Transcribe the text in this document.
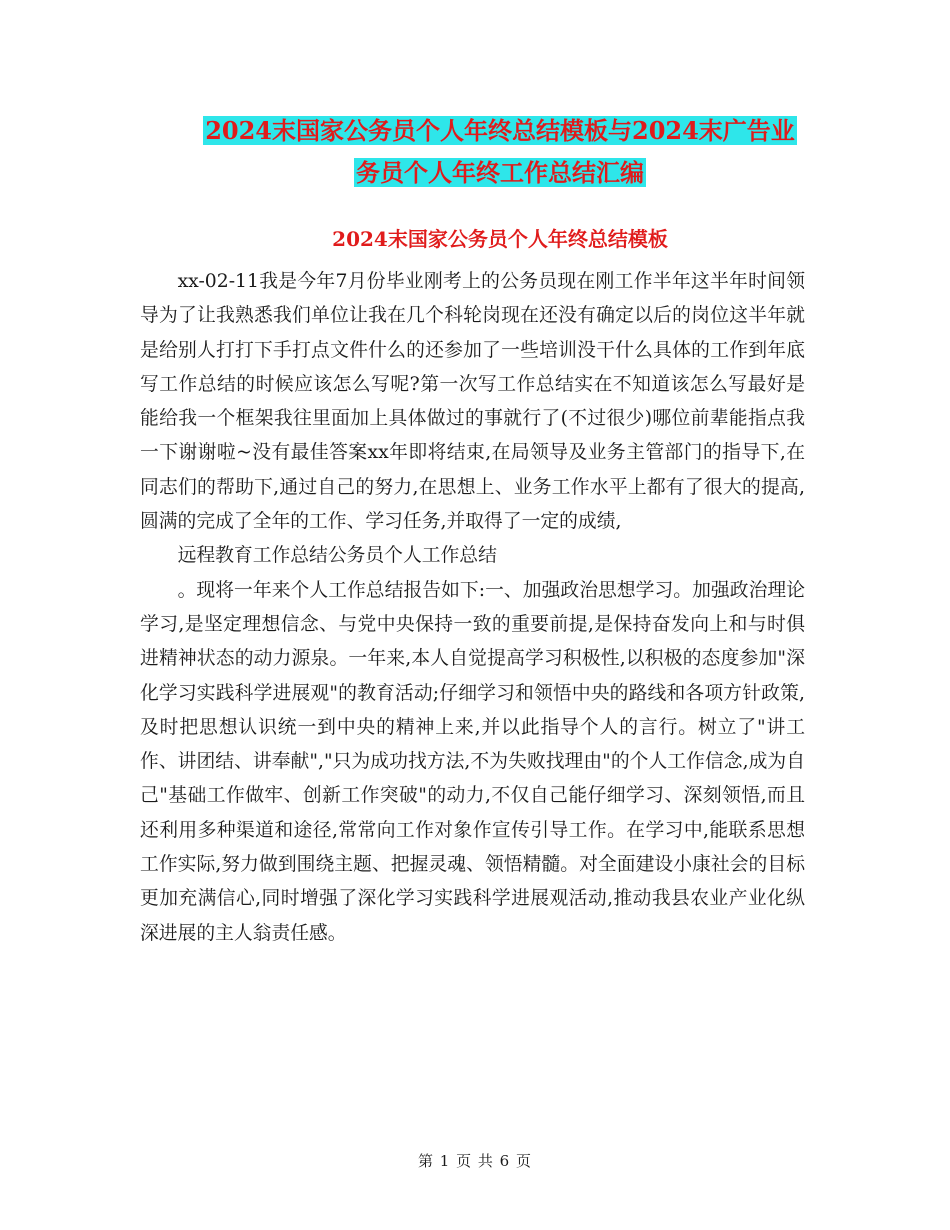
2024末国家公务员个人年终总结模板与2024末广告业
务员个人年终工作总结汇编
2024末国家公务员个人年终总结模板

xx-02-11我是今年7月份毕业刚考上的公务员现在刚工作半年这半年时间领导为了让我熟悉我们单位让我在几个科轮岗现在还没有确定以后的岗位这半年就是给别人打打下手打点文件什么的还参加了一些培训没干什么具体的工作到年底写工作总结的时候应该怎么写呢?第一次写工作总结实在不知道该怎么写最好是能给我一个框架我往里面加上具体做过的事就行了(不过很少)哪位前辈能指点我一下谢谢啦~没有最佳答案xx年即将结束,在局领导及业务主管部门的指导下,在同志们的帮助下,通过自己的努力,在思想上、业务工作水平上都有了很大的提高,圆满的完成了全年的工作、学习任务,并取得了一定的成绩,

远程教育工作总结公务员个人工作总结

。现将一年来个人工作总结报告如下:一、加强政治思想学习。加强政治理论学习,是坚定理想信念、与党中央保持一致的重要前提,是保持奋发向上和与时俱进精神状态的动力源泉。一年来,本人自觉提高学习积极性,以积极的态度参加"深化学习实践科学进展观"的教育活动;仔细学习和领悟中央的路线和各项方针政策,及时把思想认识统一到中央的精神上来,并以此指导个人的言行。树立了"讲工作、讲团结、讲奉献","只为成功找方法,不为失败找理由"的个人工作信念,成为自己"基础工作做牢、创新工作突破"的动力,不仅自己能仔细学习、深刻领悟,而且还利用多种渠道和途径,常常向工作对象作宣传引导工作。在学习中,能联系思想工作实际,努力做到围绕主题、把握灵魂、领悟精髓。对全面建设小康社会的目标更加充满信心,同时增强了深化学习实践科学进展观活动,推动我县农业产业化纵深进展的主人翁责任感。

第 1 页 共 6 页
